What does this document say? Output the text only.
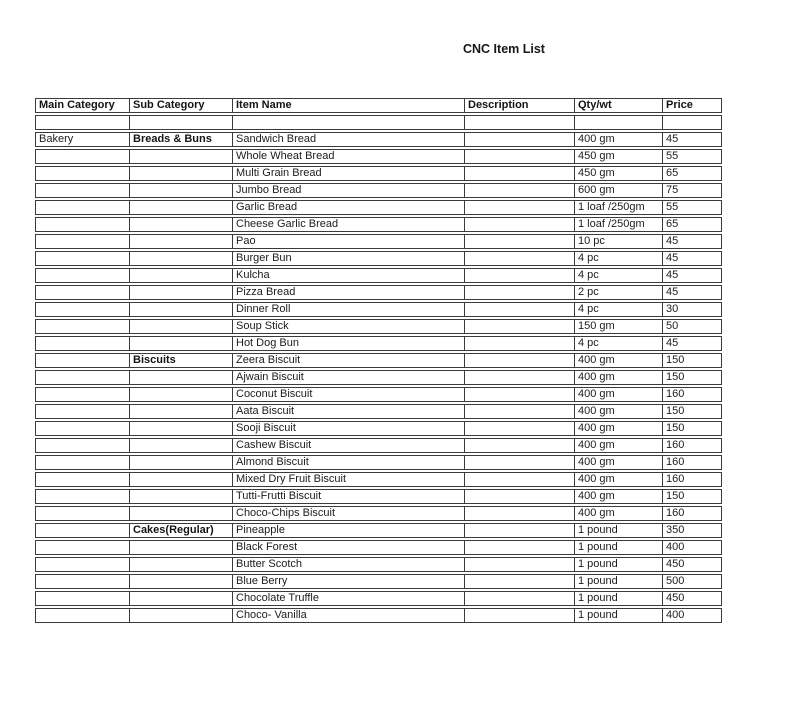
CNC Item List
Main Category	Sub Category	Item Name	Description	Qty/wt	Price

Bakery	Breads & Buns	Sandwich Bread		400 gm	45
		Whole Wheat Bread		450 gm	55
		Multi Grain Bread		450 gm	65
		Jumbo Bread		600 gm	75
		Garlic Bread		1 loaf /250gm	55
		Cheese Garlic Bread		1 loaf /250gm	65
		Pao		10 pc	45
		Burger Bun		4 pc	45
		Kulcha		4 pc	45
		Pizza Bread		2 pc	45
		Dinner Roll		4 pc	30
		Soup Stick		150 gm	50
		Hot Dog Bun		4 pc	45
	Biscuits	Zeera Biscuit		400 gm	150
		Ajwain Biscuit		400 gm	150
		Coconut Biscuit		400 gm	160
		Aata Biscuit		400 gm	150
		Sooji Biscuit		400 gm	150
		Cashew Biscuit		400 gm	160
		Almond Biscuit		400 gm	160
		Mixed Dry Fruit Biscuit		400 gm	160
		Tutti-Frutti Biscuit		400 gm	150
		Choco-Chips Biscuit		400 gm	160
	Cakes(Regular)	Pineapple		1 pound	350
		Black Forest		1 pound	400
		Butter Scotch		1 pound	450
		Blue Berry		1 pound	500
		Chocolate Truffle		1 pound	450
		Choco- Vanilla		1 pound	400
